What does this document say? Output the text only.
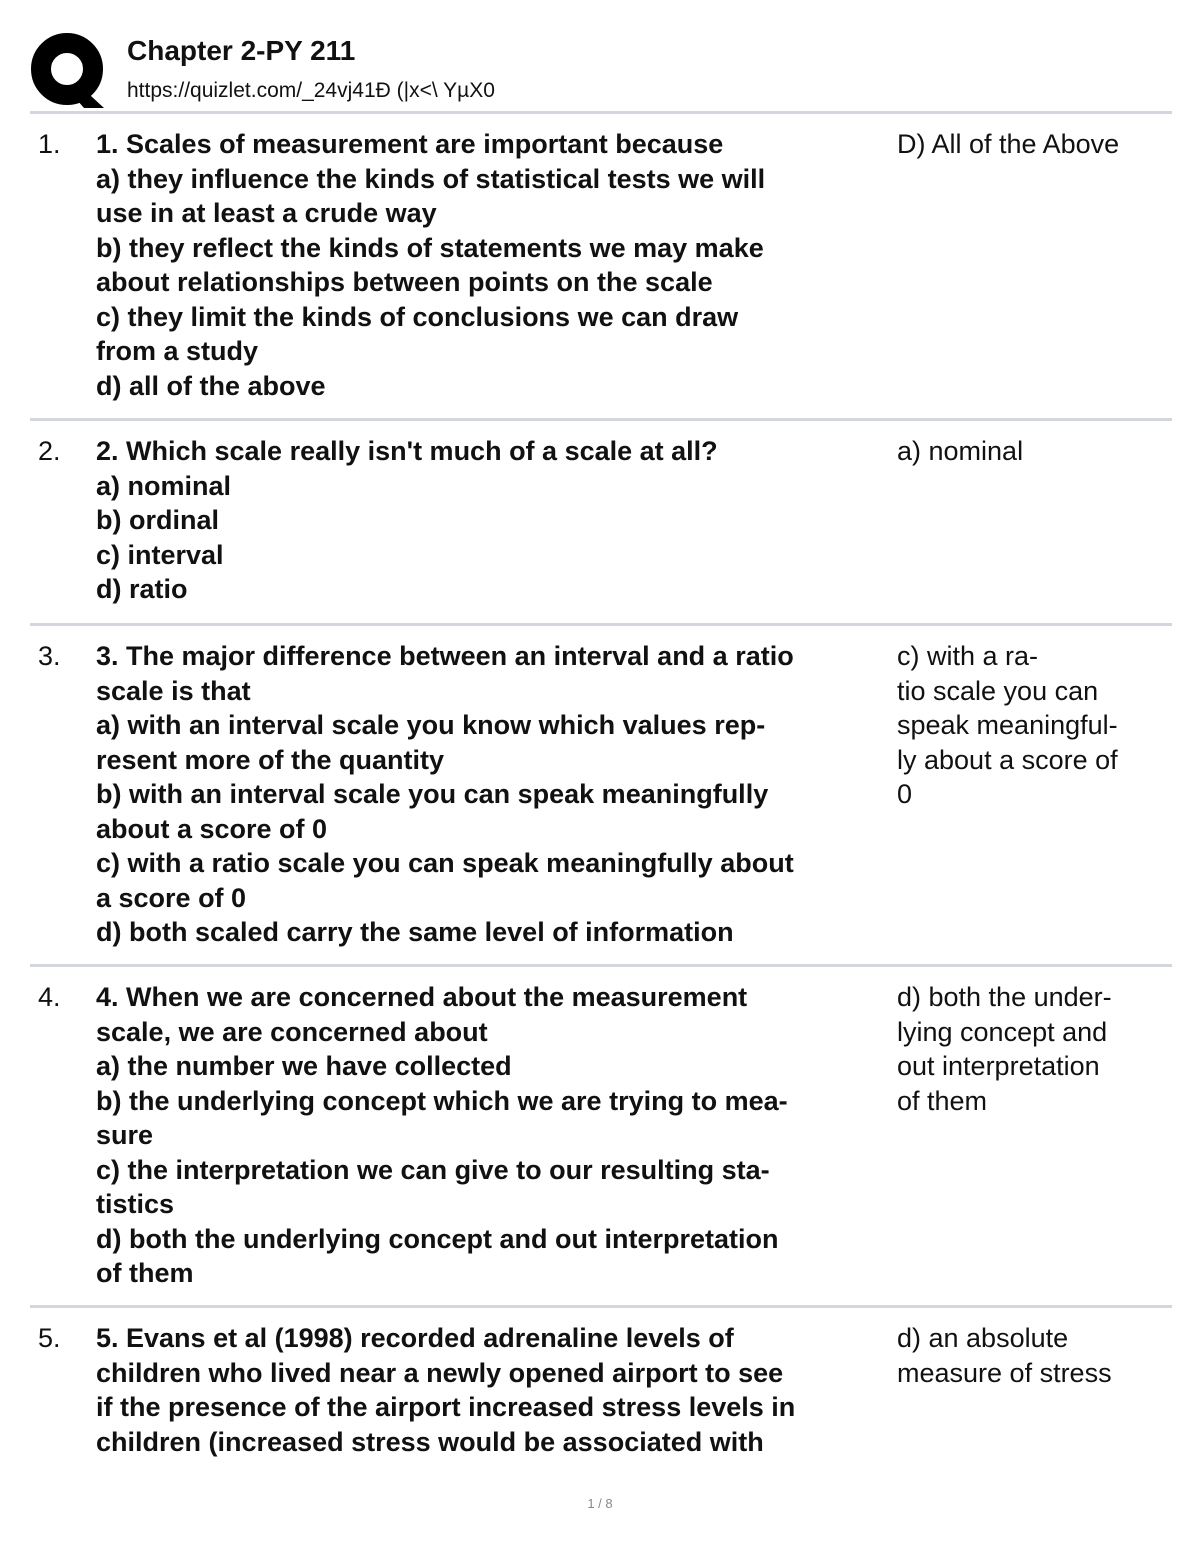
Chapter 2-PY 211
https://quizlet.com/_24vj41Ð (|x<\ YµX0
1. 1. Scales of measurement are important because
a) they influence the kinds of statistical tests we will
use in at least a crude way
b) they reflect the kinds of statements we may make
about relationships between points on the scale
c) they limit the kinds of conclusions we can draw
from a study
d) all of the above
D) All of the Above
2. 2. Which scale really isn't much of a scale at all?
a) nominal
b) ordinal
c) interval
d) ratio
a) nominal
3. 3. The major difference between an interval and a ratio
scale is that
a) with an interval scale you know which values rep-
resent more of the quantity
b) with an interval scale you can speak meaningfully
about a score of 0
c) with a ratio scale you can speak meaningfully about
a score of 0
d) both scaled carry the same level of information
c) with a ra-
tio scale you can
speak meaningful-
ly about a score of
0
4. 4. When we are concerned about the measurement
scale, we are concerned about
a) the number we have collected
b) the underlying concept which we are trying to mea-
sure
c) the interpretation we can give to our resulting sta-
tistics
d) both the underlying concept and out interpretation
of them
d) both the under-
lying concept and
out interpretation
of them
5. 5. Evans et al (1998) recorded adrenaline levels of
children who lived near a newly opened airport to see
if the presence of the airport increased stress levels in
children (increased stress would be associated with
d) an absolute
measure of stress
1 / 8
